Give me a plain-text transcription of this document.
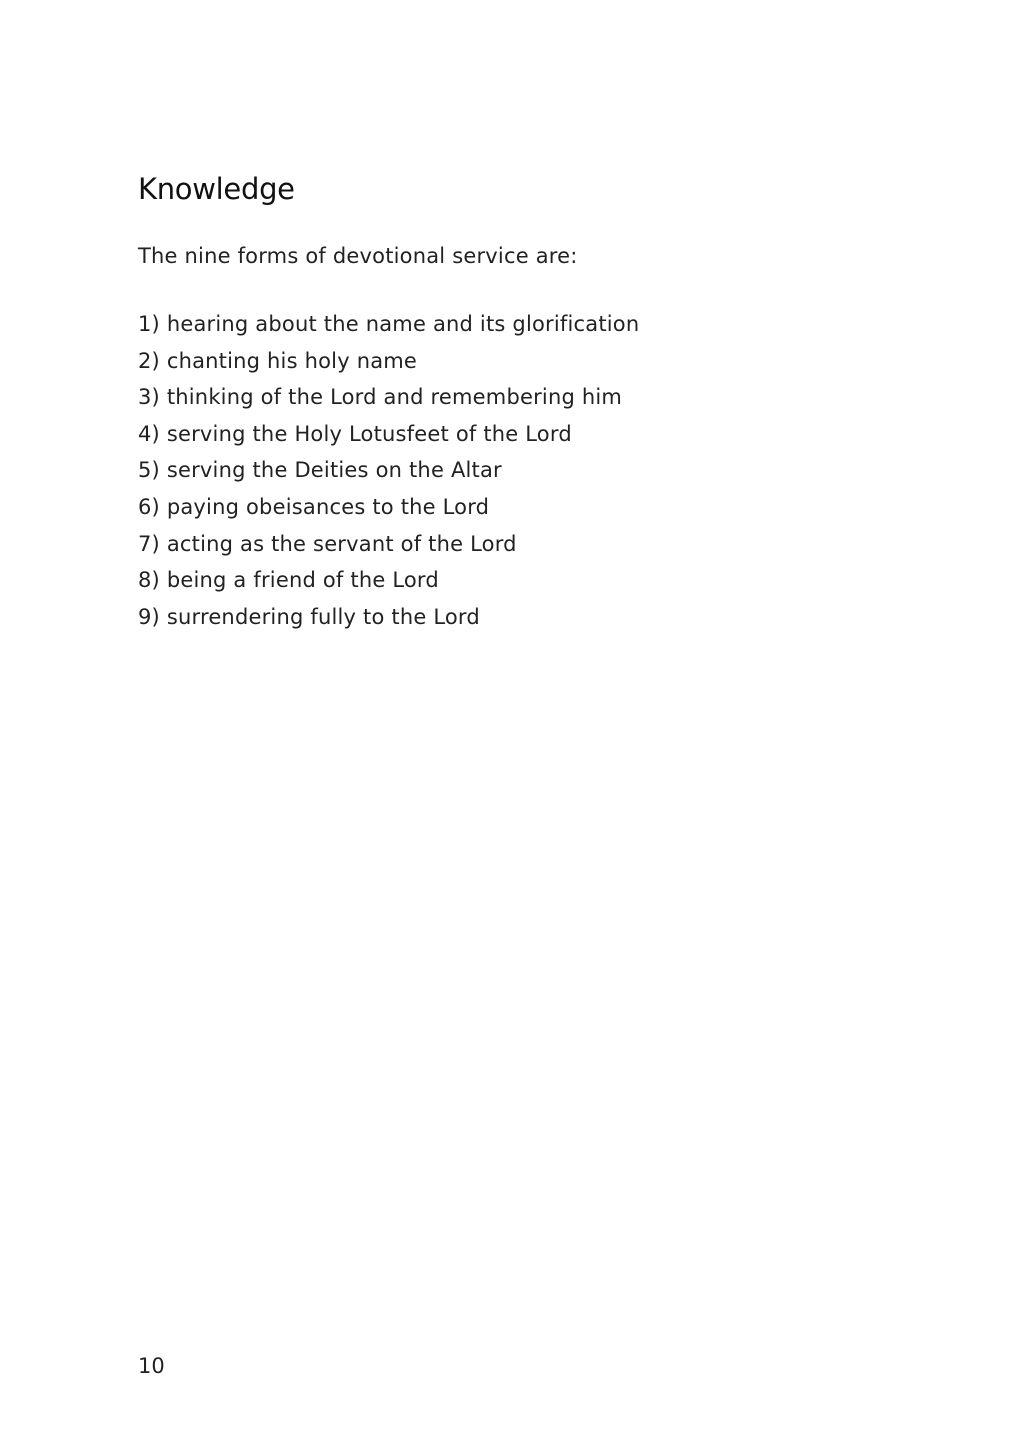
Knowledge

The nine forms of devotional service are:

1) hearing about the name and its glorification
2) chanting his holy name
3) thinking of the Lord and remembering him
4) serving the Holy Lotusfeet of the Lord
5) serving the Deities on the Altar
6) paying obeisances to the Lord
7) acting as the servant of the Lord
8) being a friend of the Lord
9) surrendering fully to the Lord
10
